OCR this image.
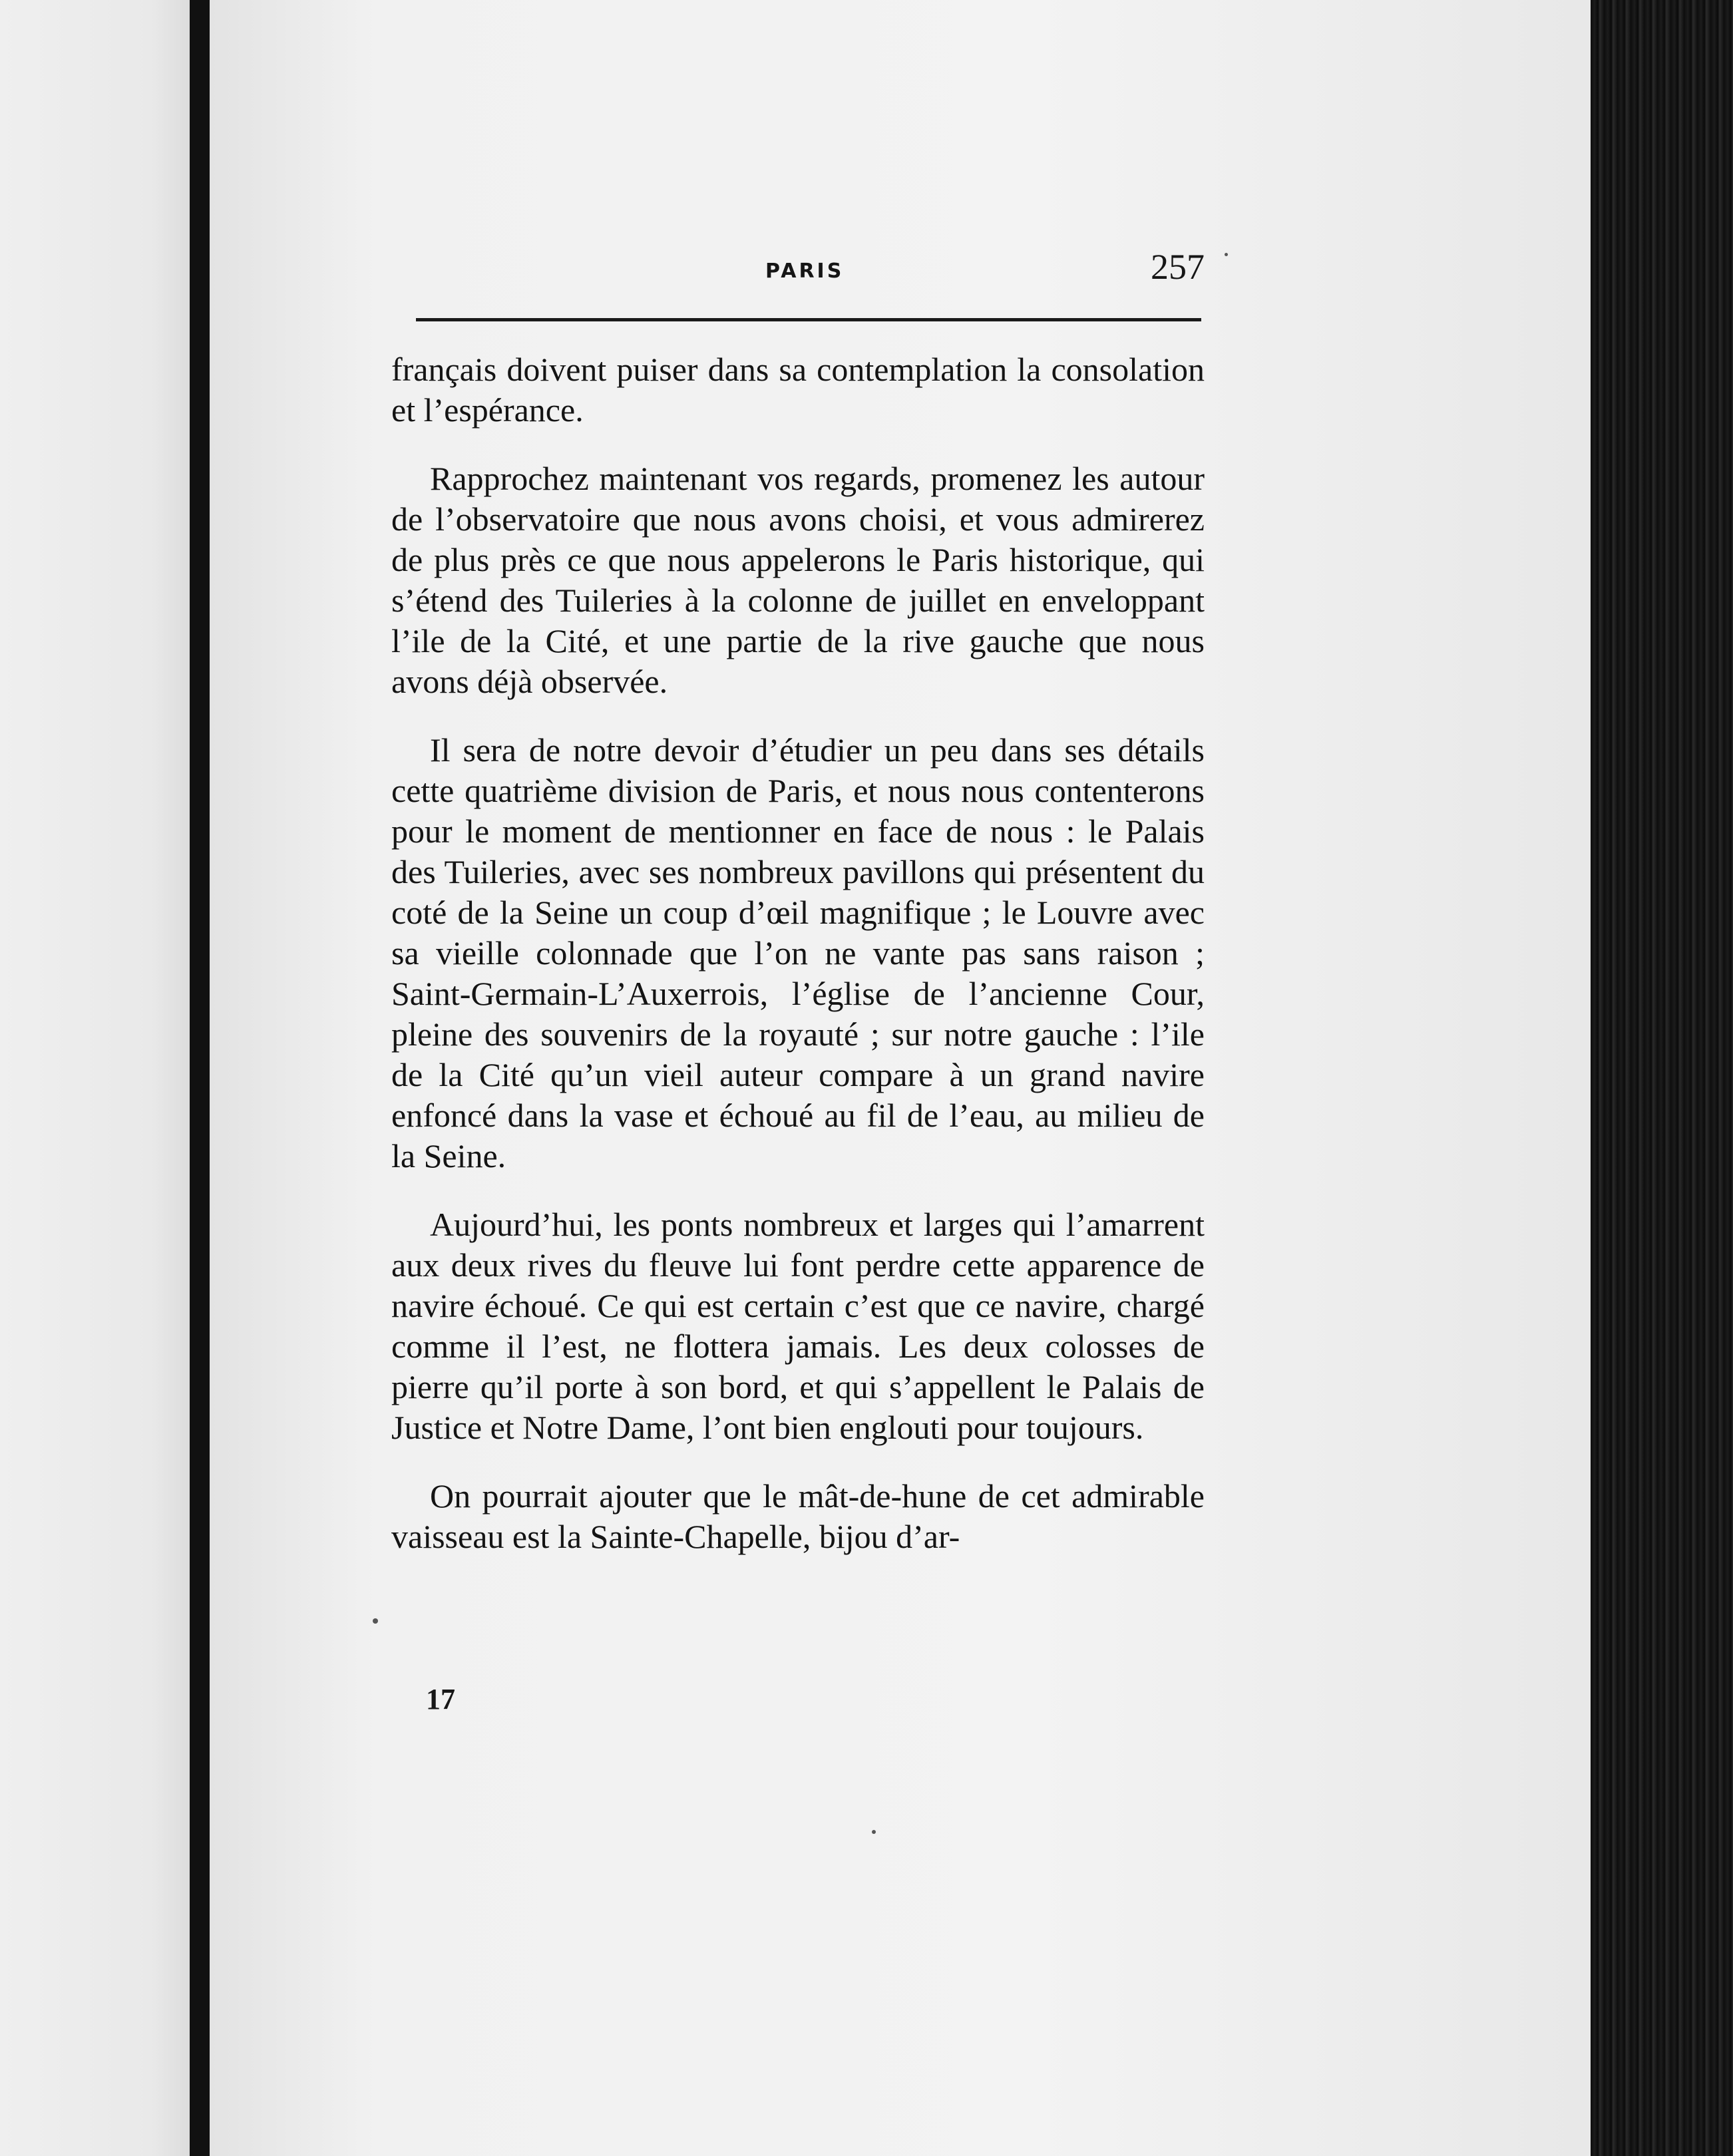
PARIS	257

français doivent puiser dans sa contemplation la consolation et l’espérance.

Rapprochez maintenant vos regards, promenez les autour de l’observatoire que nous avons choisi, et vous admirerez de plus près ce que nous appelerons le Paris historique, qui s’étend des Tuileries à la colonne de juillet en enveloppant l’ile de la Cité, et une partie de la rive gauche que nous avons déjà observée.

Il sera de notre devoir d’étudier un peu dans ses détails cette quatrième division de Paris, et nous nous contenterons pour le moment de mentionner en face de nous : le Palais des Tuileries, avec ses nombreux pavillons qui présentent du coté de la Seine un coup d’œil magnifique ; le Louvre avec sa vieille colonnade que l’on ne vante pas sans raison ; Saint-Germain-L’Auxerrois, l’église de l’ancienne Cour, pleine des souvenirs de la royauté ; sur notre gauche : l’ile de la Cité qu’un vieil auteur compare à un grand navire enfoncé dans la vase et échoué au fil de l’eau, au milieu de la Seine.

Aujourd’hui, les ponts nombreux et larges qui l’amarrent aux deux rives du fleuve lui font perdre cette apparence de navire échoué. Ce qui est certain c’est que ce navire, chargé comme il l’est, ne flottera jamais. Les deux colosses de pierre qu’il porte à son bord, et qui s’appellent le Palais de Justice et Notre Dame, l’ont bien englouti pour toujours.

On pourrait ajouter que le mât-de-hune de cet admirable vaisseau est la Sainte-Chapelle, bijou d’ar-

17
